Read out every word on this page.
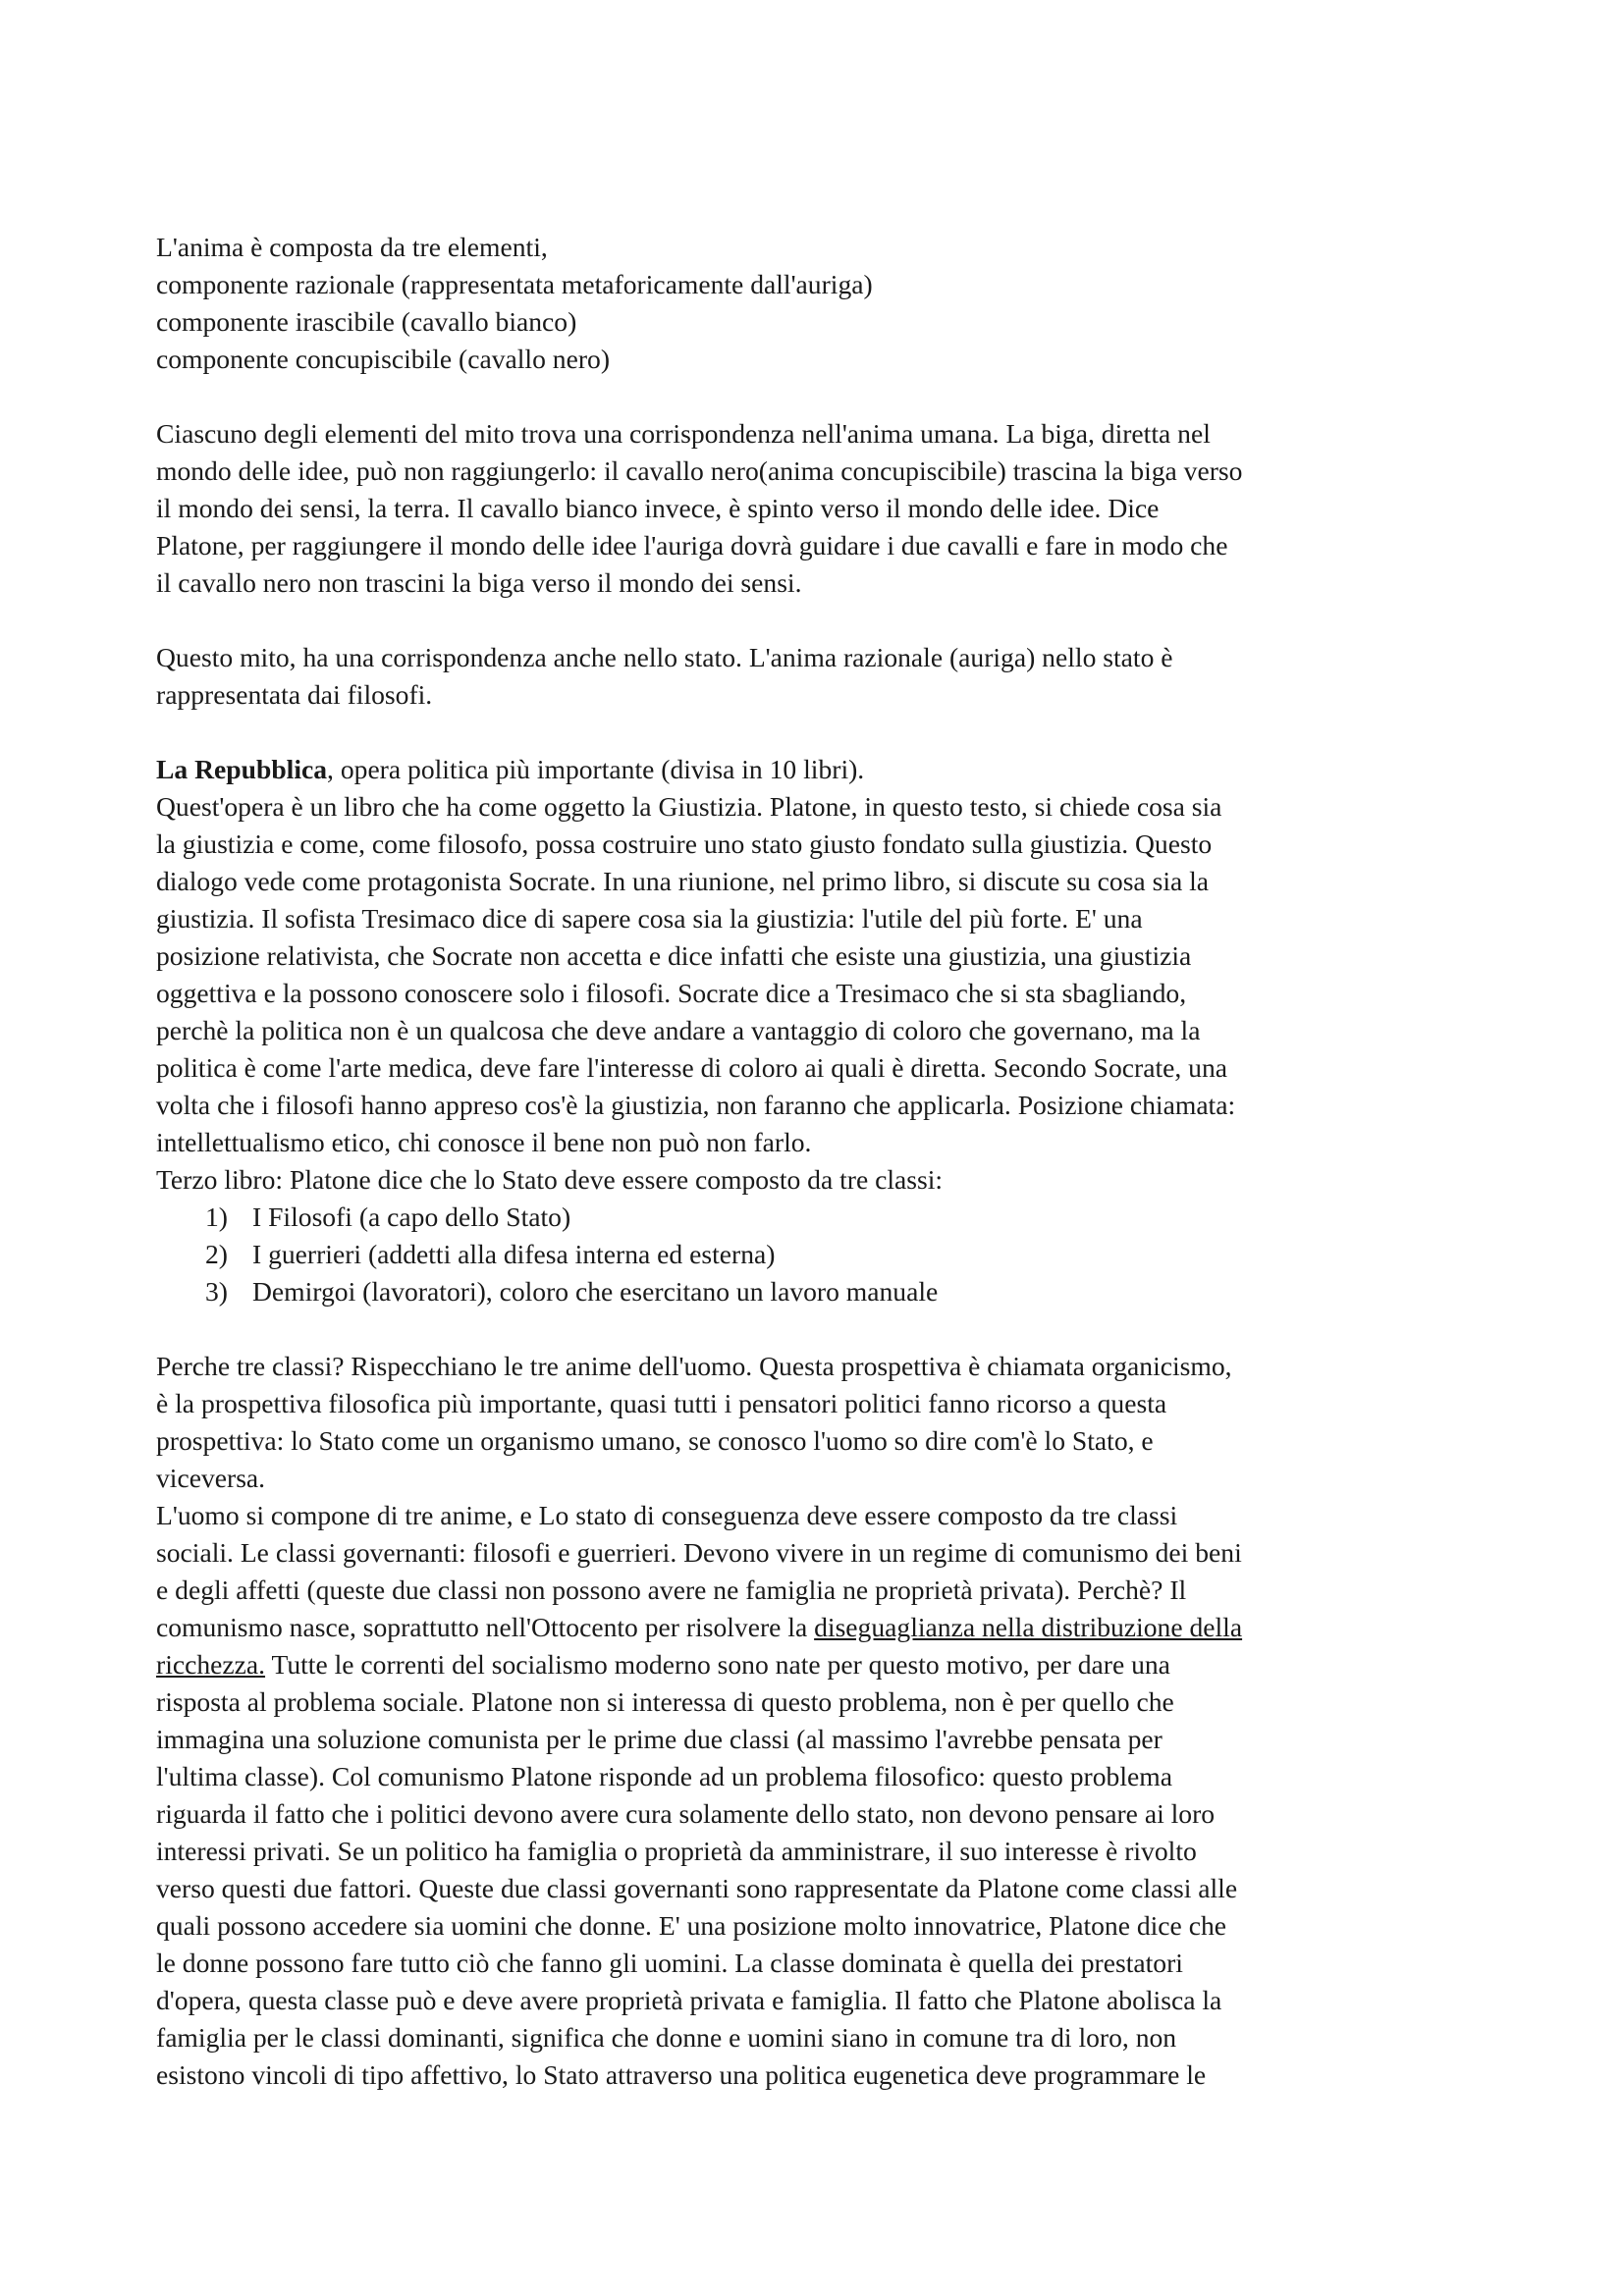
L'anima è composta da tre elementi,

componente razionale (rappresentata metaforicamente dall'auriga)

componente irascibile (cavallo bianco)

componente concupiscibile (cavallo nero)

Ciascuno degli elementi del mito trova una corrispondenza nell'anima umana. La biga, diretta nel

mondo delle idee, può non raggiungerlo: il cavallo nero(anima concupiscibile) trascina la biga verso

il mondo dei sensi, la terra. Il cavallo bianco invece, è spinto verso il mondo delle idee. Dice

Platone, per raggiungere il mondo delle idee l'auriga dovrà guidare i due cavalli e fare in modo che

il cavallo nero non trascini la biga verso il mondo dei sensi.

Questo mito, ha una corrispondenza anche nello stato. L'anima razionale (auriga) nello stato è

rappresentata dai filosofi.

La Repubblica, opera politica più importante (divisa in 10 libri).

Quest'opera è un libro che ha come oggetto la Giustizia. Platone, in questo testo, si chiede cosa sia

la giustizia e come, come filosofo, possa costruire uno stato giusto fondato sulla giustizia. Questo

dialogo vede come protagonista Socrate. In una riunione, nel primo libro, si discute su cosa sia la

giustizia. Il sofista Tresimaco dice di sapere cosa sia la giustizia: l'utile del più forte. E' una

posizione relativista, che Socrate non accetta e dice infatti che esiste una giustizia, una giustizia

oggettiva e la possono conoscere solo i filosofi. Socrate dice a Tresimaco che si sta sbagliando,

perchè la politica non è un qualcosa che deve andare a vantaggio di coloro che governano, ma la

politica è come l'arte medica, deve fare l'interesse di coloro ai quali è diretta. Secondo Socrate, una

volta che i filosofi hanno appreso cos'è la giustizia, non faranno che applicarla. Posizione chiamata:

intellettualismo etico, chi conosce il bene non può non farlo.

Terzo libro: Platone dice che lo Stato deve essere composto da tre classi:

1) I Filosofi (a capo dello Stato)
2) I guerrieri (addetti alla difesa interna ed esterna)
3) Demirgoi (lavoratori), coloro che esercitano un lavoro manuale

Perche tre classi? Rispecchiano le tre anime dell'uomo. Questa prospettiva è chiamata organicismo,

è la prospettiva filosofica più importante, quasi tutti i pensatori politici fanno ricorso a questa

prospettiva: lo Stato come un organismo umano, se conosco l'uomo so dire com'è lo Stato, e

viceversa.

L'uomo si compone di tre anime, e Lo stato di conseguenza deve essere composto da tre classi

sociali. Le classi governanti: filosofi e guerrieri. Devono vivere in un regime di comunismo dei beni

e degli affetti (queste due classi non possono avere ne famiglia ne proprietà privata). Perchè? Il

comunismo nasce, soprattutto nell'Ottocento per risolvere la diseguaglianza nella distribuzione della

ricchezza. Tutte le correnti del socialismo moderno sono nate per questo motivo, per dare una

risposta al problema sociale. Platone non si interessa di questo problema, non è per quello che

immagina una soluzione comunista per le prime due classi (al massimo l'avrebbe pensata per

l'ultima classe). Col comunismo Platone risponde ad un problema filosofico: questo problema

riguarda il fatto che i politici devono avere cura solamente dello stato, non devono pensare ai loro

interessi privati. Se un politico ha famiglia o proprietà da amministrare, il suo interesse è rivolto

verso questi due fattori. Queste due classi governanti sono rappresentate da Platone come classi alle

quali possono accedere sia uomini che donne. E' una posizione molto innovatrice, Platone dice che

le donne possono fare tutto ciò che fanno gli uomini. La classe dominata è quella dei prestatori

d'opera, questa classe può e deve avere proprietà privata e famiglia. Il fatto che Platone abolisca la

famiglia per le classi dominanti, significa che donne e uomini siano in comune tra di loro, non

esistono vincoli di tipo affettivo, lo Stato attraverso una politica eugenetica deve programmare le
